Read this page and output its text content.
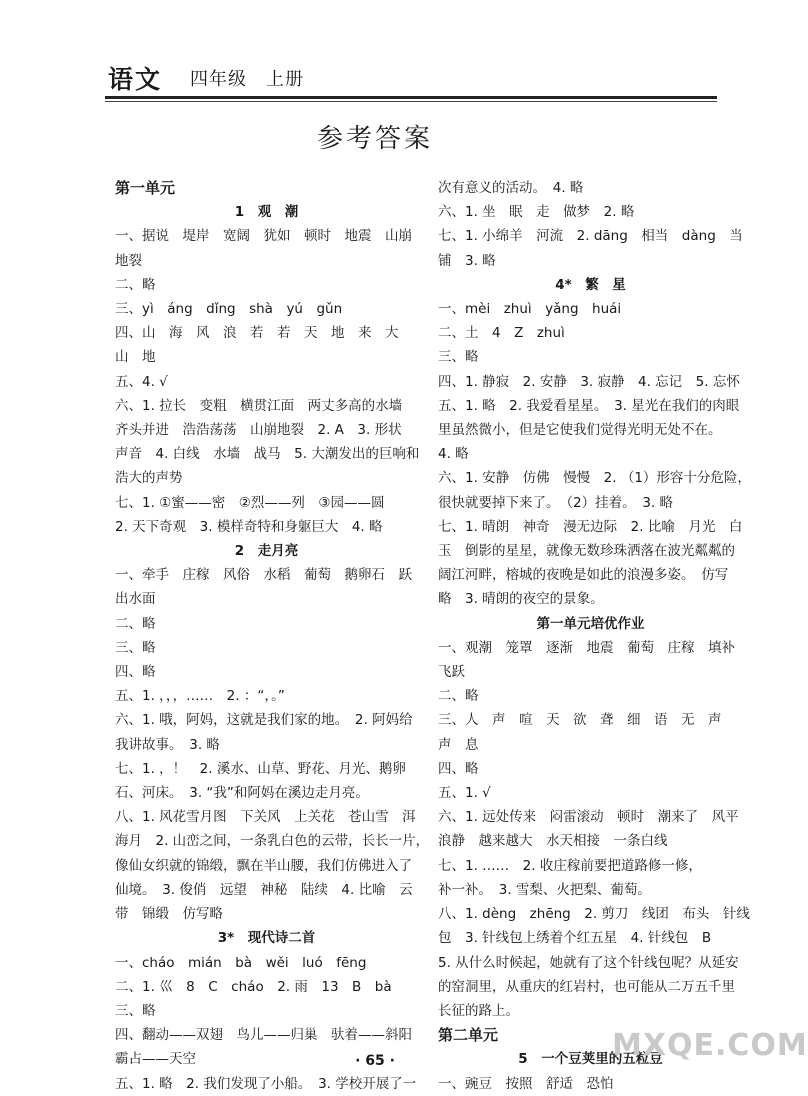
语文 四年级　上册
参考答案
第一单元
1　观　潮
一、据说　堤岸　宽阔　犹如　顿时　地震　山崩
地裂
二、略
三、yì　áng　dǐng　shà　yú　gǔn
四、山　海　风　浪　若　若　天　地　来　大
山　地
五、4. √
六、1. 拉长　变粗　横贯江面　两丈多高的水墙
齐头并进　浩浩荡荡　山崩地裂　2. A　3. 形状
声音　4. 白线　水墙　战马　5. 大潮发出的巨响和
浩大的声势
七、1. ①蜜——密　②烈——列　③园——圆
2. 天下奇观　3. 模样奇特和身躯巨大　4. 略
2　走月亮
一、牵手　庄稼　风俗　水稻　葡萄　鹅卵石　跃
出水面
二、略
三、略
四、略
五、1. ，，，……　2. ：“，。”
六、1. 哦，阿妈，这就是我们家的地。　2. 阿妈给
我讲故事。　3. 略
七、1. ，！　2. 溪水、山草、野花、月光、鹅卵
石、河床。　3. “我”和阿妈在溪边走月亮。
八、1. 风花雪月图　下关风　上关花　苍山雪　洱
海月　2. 山峦之间，一条乳白色的云带，长长一片，
像仙女织就的锦缎，飘在半山腰，我们仿佛进入了
仙境。　3. 俊俏　远望　神秘　陆续　4. 比喻　云
带　锦缎　仿写略
3*　现代诗二首
一、cháo　mián　bà　wěi　luó　fēng
二、1. 巛　8　C　cháo　2. 雨　13　B　bà
三、略
四、翻动——双翅　鸟儿——归巢　驮着——斜阳
霸占——天空
五、1. 略　2. 我们发现了小船。　3. 学校开展了一
次有意义的活动。　4. 略
六、1. 坐　眠　走　做梦　2. 略
七、1. 小绵羊　河流　2. dāng　相当　dàng　当
铺　3. 略
4*　繁　星
一、mèi　zhuì　yǎng　huái
二、土　4　Z　zhuì
三、略
四、1. 静寂　2. 安静　3. 寂静　4. 忘记　5. 忘怀
五、1. 略　2. 我爱看星星。　3. 星光在我们的肉眼
里虽然微小，但是它使我们觉得光明无处不在。
4. 略
六、1. 安静　仿佛　慢慢　2. （1）形容十分危险，
很快就要掉下来了。　（2）挂着。　3. 略
七、1. 晴朗　神奇　漫无边际　2. 比喻　月光　白
玉　倒影的星星，就像无数珍珠洒落在波光粼粼的
阔江河畔，榕城的夜晚是如此的浪漫多姿。　仿写
略　3. 晴朗的夜空的景象。
第一单元培优作业
一、观潮　笼罩　逐渐　地震　葡萄　庄稼　填补
飞跃
二、略
三、人　声　喧　天　欲　聋　细　语　无　声
声　息
四、略
五、1. √
六、1. 远处传来　闷雷滚动　顿时　潮来了　风平
浪静　越来越大　水天相接　一条白线
七、1. ……　2. 收庄稼前要把道路修一修，
补一补。　3. 雪梨、火把梨、葡萄。
八、1. dèng　zhēng　2. 剪刀　线团　布头　针线
包　3. 针线包上绣着个红五星　4. 针线包　B
5. 从什么时候起，她就有了这个针线包呢？从延安
的窑洞里，从重庆的红岩村，也可能从二万五千里
长征的路上。
第二单元
5　一个豆荚里的五粒豆
一、豌豆　按照　舒适　恐怕　
· 65 ·	MXQE.COM
